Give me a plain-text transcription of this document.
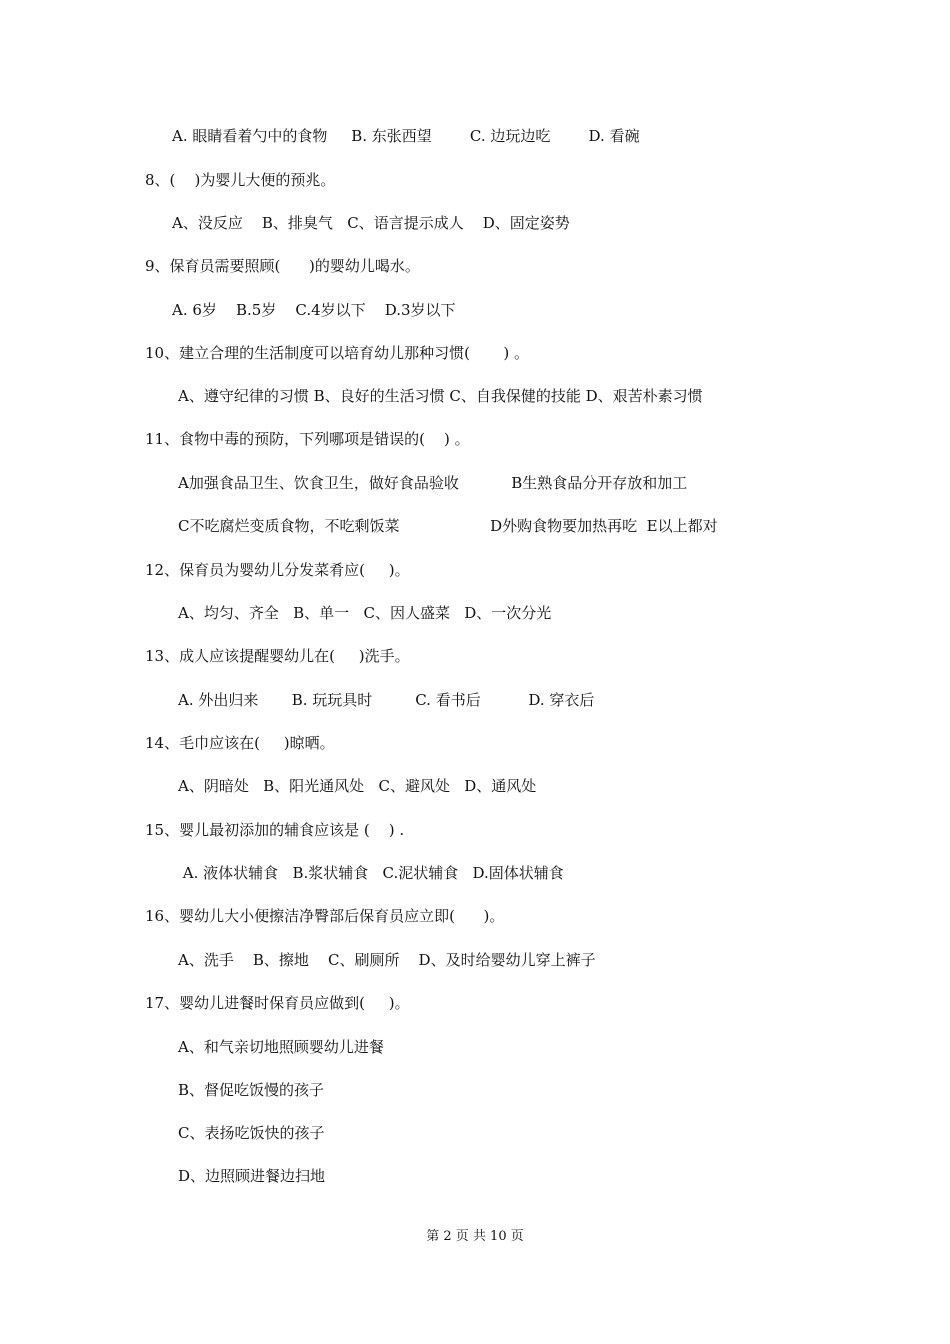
A. 眼睛看着勺中的食物     B. 东张西望        C. 边玩边吃        D. 看碗
8、(    )为婴儿大便的预兆。
A、没反应    B、排臭气   C、语言提示成人    D、固定姿势
9、保育员需要照顾(      )的婴幼儿喝水。
A. 6岁    B.5岁    C.4岁以下    D.3岁以下
10、建立合理的生活制度可以培育幼儿那种习惯(       ) 。
A、遵守纪律的习惯 B、良好的生活习惯 C、自我保健的技能 D、艰苦朴素习惯
11、食物中毒的预防，下列哪项是错误的(    ) 。
A加强食品卫生、饮食卫生，做好食品验收           B生熟食品分开存放和加工
C不吃腐烂变质食物，不吃剩饭菜                   D外购食物要加热再吃  E以上都对
12、保育员为婴幼儿分发菜肴应(     )。
A、均匀、齐全   B、单一   C、因人盛菜   D、一次分光
13、成人应该提醒婴幼儿在(     )洗手。
A. 外出归来       B. 玩玩具时         C. 看书后          D. 穿衣后
14、毛巾应该在(     )晾晒。
A、阴暗处   B、阳光通风处   C、避风处   D、通风处
15、婴儿最初添加的辅食应该是 (    ) .
A. 液体状辅食   B.浆状辅食   C.泥状辅食   D.固体状辅食
16、婴幼儿大小便擦洁净臀部后保育员应立即(      )。
A、洗手    B、擦地    C、刷厕所    D、及时给婴幼儿穿上裤子
17、婴幼儿进餐时保育员应做到(     )。
A、和气亲切地照顾婴幼儿进餐
B、督促吃饭慢的孩子
C、表扬吃饭快的孩子
D、边照顾进餐边扫地
第 2 页 共 10 页
